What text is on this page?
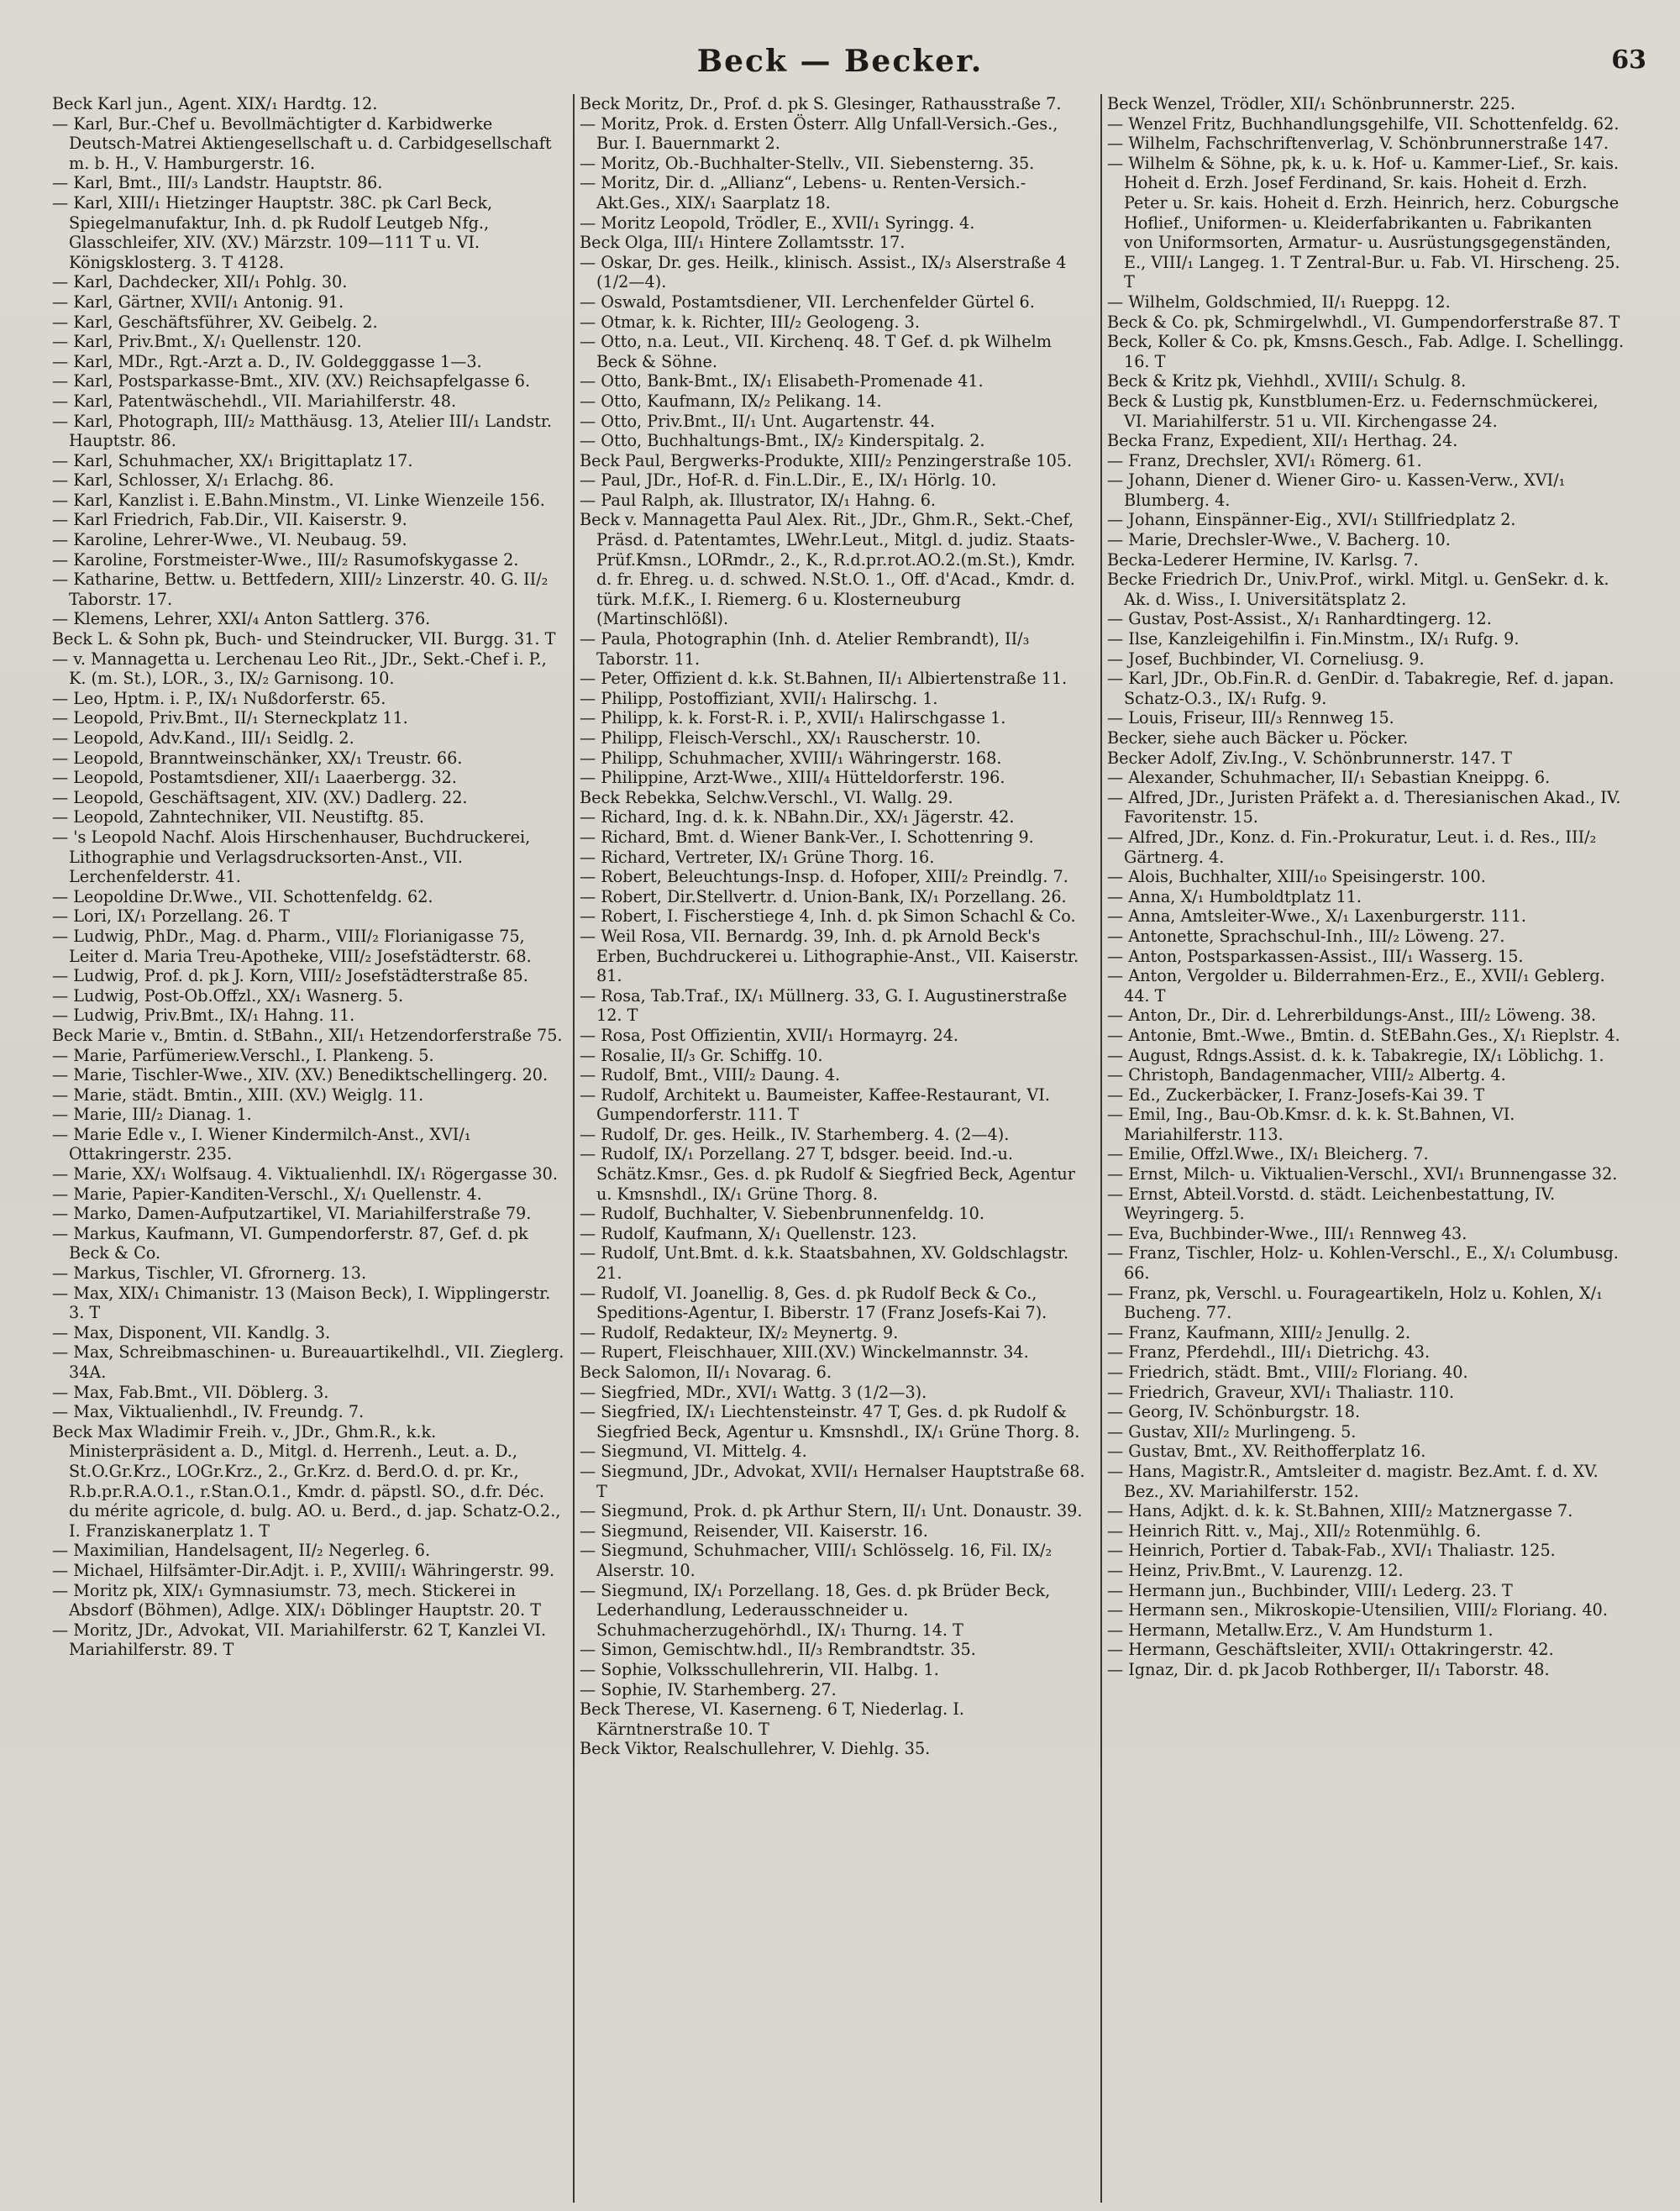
Beck — Becker.	63
Beck Karl jun., Agent. XIX/₁ Hardtg. 12.
— Karl, Bur.-Chef u. Bevollmächtigter d. Karbidwerke Deutsch-Matrei Aktiengesellschaft u. d. Carbidgesellschaft m. b. H., V. Hamburgerstr. 16.
— Karl, Bmt., III/₃ Landstr. Hauptstr. 86.
— Karl, XIII/₁ Hietzinger Hauptstr. 38C. pk Carl Beck, Spiegelmanufaktur, Inh. d. pk Rudolf Leutgeb Nfg., Glasschleifer, XIV. (XV.) Märzstr. 109—111 T u. VI. Königsklosterg. 3. T 4128.
— Karl, Dachdecker, XII/₁ Pohlg. 30.
— Karl, Gärtner, XVII/₁ Antonig. 91.
— Karl, Geschäftsführer, XV. Geibelg. 2.
— Karl, Priv.Bmt., X/₁ Quellenstr. 120.
— Karl, MDr., Rgt.-Arzt a. D., IV. Goldegggasse 1—3.
— Karl, Postsparkasse-Bmt., XIV. (XV.) Reichsapfelgasse 6.
— Karl, Patentwäschehdl., VII. Mariahilferstr. 48.
— Karl, Photograph, III/₂ Matthäusg. 13, Atelier III/₁ Landstr. Hauptstr. 86.
— Karl, Schuhmacher, XX/₁ Brigittaplatz 17.
— Karl, Schlosser, X/₁ Erlachg. 86.
— Karl, Kanzlist i. E.Bahn.Minstm., VI. Linke Wienzeile 156.
— Karl Friedrich, Fab.Dir., VII. Kaiserstr. 9.
— Karoline, Lehrer-Wwe., VI. Neubaug. 59.
— Karoline, Forstmeister-Wwe., III/₂ Rasumofskygasse 2.
— Katharine, Bettw. u. Bettfedern, XIII/₂ Linzerstr. 40. G. II/₂ Taborstr. 17.
— Klemens, Lehrer, XXI/₄ Anton Sattlerg. 376.
Beck L. & Sohn pk, Buch- und Steindrucker, VII. Burgg. 31. T
— v. Mannagetta u. Lerchenau Leo Rit., JDr., Sekt.-Chef i. P., K. (m. St.), LOR., 3., IX/₂ Garnisong. 10.
— Leo, Hptm. i. P., IX/₁ Nußdorferstr. 65.
— Leopold, Priv.Bmt., II/₁ Sterneckplatz 11.
— Leopold, Adv.Kand., III/₁ Seidlg. 2.
— Leopold, Branntweinschänker, XX/₁ Treustr. 66.
— Leopold, Postamtsdiener, XII/₁ Laaerbergg. 32.
— Leopold, Geschäftsagent, XIV. (XV.) Dadlerg. 22.
— Leopold, Zahntechniker, VII. Neustiftg. 85.
— 's Leopold Nachf. Alois Hirschenhauser, Buchdruckerei, Lithographie und Verlagsdrucksorten-Anst., VII. Lerchenfelderstr. 41.
— Leopoldine Dr.Wwe., VII. Schottenfeldg. 62.
— Lori, IX/₁ Porzellang. 26. T
— Ludwig, PhDr., Mag. d. Pharm., VIII/₂ Florianigasse 75, Leiter d. Maria Treu-Apotheke, VIII/₂ Josefstädterstr. 68.
— Ludwig, Prof. d. pk J. Korn, VIII/₂ Josefstädterstraße 85.
— Ludwig, Post-Ob.Offzl., XX/₁ Wasnerg. 5.
— Ludwig, Priv.Bmt., IX/₁ Hahng. 11.
Beck Marie v., Bmtin. d. StBahn., XII/₁ Hetzendorferstraße 75.
— Marie, Parfümeriew.Verschl., I. Plankeng. 5.
— Marie, Tischler-Wwe., XIV. (XV.) Benediktschellingerg. 20.
— Marie, städt. Bmtin., XIII. (XV.) Weiglg. 11.
— Marie, III/₂ Dianag. 1.
— Marie Edle v., I. Wiener Kindermilch-Anst., XVI/₁ Ottakringerstr. 235.
— Marie, XX/₁ Wolfsaug. 4. Viktualienhdl. IX/₁ Rögergasse 30.
— Marie, Papier-Kanditen-Verschl., X/₁ Quellenstr. 4.
— Marko, Damen-Aufputzartikel, VI. Mariahilferstraße 79.
— Markus, Kaufmann, VI. Gumpendorferstr. 87, Gef. d. pk Beck & Co.
— Markus, Tischler, VI. Gfrornerg. 13.
— Max, XIX/₁ Chimanistr. 13 (Maison Beck), I. Wipplingerstr. 3. T
— Max, Disponent, VII. Kandlg. 3.
— Max, Schreibmaschinen- u. Bureauartikelhdl., VII. Zieglerg. 34A.
— Max, Fab.Bmt., VII. Döblerg. 3.
— Max, Viktualienhdl., IV. Freundg. 7.
Beck Max Wladimir Freih. v., JDr., Ghm.R., k.k. Ministerpräsident a. D., Mitgl. d. Herrenh., Leut. a. D., St.O.Gr.Krz., LOGr.Krz., 2., Gr.Krz. d. Berd.O. d. pr. Kr., R.b.pr.R.A.O.1., r.Stan.O.1., Kmdr. d. päpstl. SO., d.fr. Déc. du mérite agricole, d. bulg. AO. u. Berd., d. jap. Schatz-O.2., I. Franziskanerplatz 1. T
— Maximilian, Handelsagent, II/₂ Negerleg. 6.
— Michael, Hilfsämter-Dir.Adjt. i. P., XVIII/₁ Währingerstr. 99.
— Moritz pk, XIX/₁ Gymnasiumstr. 73, mech. Stickerei in Absdorf (Böhmen), Adlge. XIX/₁ Döblinger Hauptstr. 20. T
— Moritz, JDr., Advokat, VII. Mariahilferstr. 62 T, Kanzlei VI. Mariahilferstr. 89. T
Beck Moritz, Dr., Prof. d. pk S. Glesinger, Rathausstraße 7.
— Moritz, Prok. d. Ersten Österr. Allg Unfall-Versich.-Ges., Bur. I. Bauernmarkt 2.
— Moritz, Ob.-Buchhalter-Stellv., VII. Siebensterng. 35.
— Moritz, Dir. d. „Allianz“, Lebens- u. Renten-Versich.-Akt.Ges., XIX/₁ Saarplatz 18.
— Moritz Leopold, Trödler, E., XVII/₁ Syringg. 4.
Beck Olga, III/₁ Hintere Zollamtsstr. 17.
— Oskar, Dr. ges. Heilk., klinisch. Assist., IX/₃ Alserstraße 4 (1/2—4).
— Oswald, Postamtsdiener, VII. Lerchenfelder Gürtel 6.
— Otmar, k. k. Richter, III/₂ Geologeng. 3.
— Otto, n.a. Leut., VII. Kirchenq. 48. T Gef. d. pk Wilhelm Beck & Söhne.
— Otto, Bank-Bmt., IX/₁ Elisabeth-Promenade 41.
— Otto, Kaufmann, IX/₂ Pelikang. 14.
— Otto, Priv.Bmt., II/₁ Unt. Augartenstr. 44.
— Otto, Buchhaltungs-Bmt., IX/₂ Kinderspitalg. 2.
Beck Paul, Bergwerks-Produkte, XIII/₂ Penzingerstraße 105.
— Paul, JDr., Hof-R. d. Fin.L.Dir., E., IX/₁ Hörlg. 10.
— Paul Ralph, ak. Illustrator, IX/₁ Hahng. 6.
Beck v. Mannagetta Paul Alex. Rit., JDr., Ghm.R., Sekt.-Chef, Präsd. d. Patentamtes, LWehr.Leut., Mitgl. d. judiz. Staats-Prüf.Kmsn., LORmdr., 2., K., R.d.pr.rot.AO.2.(m.St.), Kmdr. d. fr. Ehreg. u. d. schwed. N.St.O. 1., Off. d'Acad., Kmdr. d. türk. M.f.K., I. Riemerg. 6 u. Klosterneuburg (Martinschlößl).
— Paula, Photographin (Inh. d. Atelier Rembrandt), II/₃ Taborstr. 11.
— Peter, Offizient d. k.k. St.Bahnen, II/₁ Albiertenstraße 11.
— Philipp, Postoffiziant, XVII/₁ Halirschg. 1.
— Philipp, k. k. Forst-R. i. P., XVII/₁ Halirschgasse 1.
— Philipp, Fleisch-Verschl., XX/₁ Rauscherstr. 10.
— Philipp, Schuhmacher, XVIII/₁ Währingerstr. 168.
— Philippine, Arzt-Wwe., XIII/₄ Hütteldorferstr. 196.
Beck Rebekka, Selchw.Verschl., VI. Wallg. 29.
— Richard, Ing. d. k. k. NBahn.Dir., XX/₁ Jägerstr. 42.
— Richard, Bmt. d. Wiener Bank-Ver., I. Schottenring 9.
— Richard, Vertreter, IX/₁ Grüne Thorg. 16.
— Robert, Beleuchtungs-Insp. d. Hofoper, XIII/₂ Preindlg. 7.
— Robert, Dir.Stellvertr. d. Union-Bank, IX/₁ Porzellang. 26.
— Robert, I. Fischerstiege 4, Inh. d. pk Simon Schachl & Co.
— Weil Rosa, VII. Bernardg. 39, Inh. d. pk Arnold Beck's Erben, Buchdruckerei u. Lithographie-Anst., VII. Kaiserstr. 81.
— Rosa, Tab.Traf., IX/₁ Müllnerg. 33, G. I. Augustinerstraße 12. T
— Rosa, Post Offizientin, XVII/₁ Hormayrg. 24.
— Rosalie, II/₃ Gr. Schiffg. 10.
— Rudolf, Bmt., VIII/₂ Daung. 4.
— Rudolf, Architekt u. Baumeister, Kaffee-Restaurant, VI. Gumpendorferstr. 111. T
— Rudolf, Dr. ges. Heilk., IV. Starhemberg. 4. (2—4).
— Rudolf, IX/₁ Porzellang. 27 T, bdsger. beeid. Ind.-u. Schätz.Kmsr., Ges. d. pk Rudolf & Siegfried Beck, Agentur u. Kmsnshdl., IX/₁ Grüne Thorg. 8.
— Rudolf, Buchhalter, V. Siebenbrunnenfeldg. 10.
— Rudolf, Kaufmann, X/₁ Quellenstr. 123.
— Rudolf, Unt.Bmt. d. k.k. Staatsbahnen, XV. Goldschlagstr. 21.
— Rudolf, VI. Joanellig. 8, Ges. d. pk Rudolf Beck & Co., Speditions-Agentur, I. Biberstr. 17 (Franz Josefs-Kai 7).
— Rudolf, Redakteur, IX/₂ Meynertg. 9.
— Rupert, Fleischhauer, XIII.(XV.) Winckelmannstr. 34.
Beck Salomon, II/₁ Novarag. 6.
— Siegfried, MDr., XVI/₁ Wattg. 3 (1/2—3).
— Siegfried, IX/₁ Liechtensteinstr. 47 T, Ges. d. pk Rudolf & Siegfried Beck, Agentur u. Kmsnshdl., IX/₁ Grüne Thorg. 8.
— Siegmund, VI. Mittelg. 4.
— Siegmund, JDr., Advokat, XVII/₁ Hernalser Hauptstraße 68. T
— Siegmund, Prok. d. pk Arthur Stern, II/₁ Unt. Donaustr. 39.
— Siegmund, Reisender, VII. Kaiserstr. 16.
— Siegmund, Schuhmacher, VIII/₁ Schlösselg. 16, Fil. IX/₂ Alserstr. 10.
— Siegmund, IX/₁ Porzellang. 18, Ges. d. pk Brüder Beck, Lederhandlung, Lederausschneider u. Schuhmacherzugehörhdl., IX/₁ Thurng. 14. T
— Simon, Gemischtw.hdl., II/₃ Rembrandtstr. 35.
— Sophie, Volksschullehrerin, VII. Halbg. 1.
— Sophie, IV. Starhemberg. 27.
Beck Therese, VI. Kaserneng. 6 T, Niederlag. I. Kärntnerstraße 10. T
Beck Viktor, Realschullehrer, V. Diehlg. 35.
Beck Wenzel, Trödler, XII/₁ Schönbrunnerstr. 225.
— Wenzel Fritz, Buchhandlungsgehilfe, VII. Schottenfeldg. 62.
— Wilhelm, Fachschriftenverlag, V. Schönbrunnerstraße 147.
— Wilhelm & Söhne, pk, k. u. k. Hof- u. Kammer-Lief., Sr. kais. Hoheit d. Erzh. Josef Ferdinand, Sr. kais. Hoheit d. Erzh. Peter u. Sr. kais. Hoheit d. Erzh. Heinrich, herz. Coburgsche Hoflief., Uniformen- u. Kleiderfabrikanten u. Fabrikanten von Uniformsorten, Armatur- u. Ausrüstungsgegenständen, E., VIII/₁ Langeg. 1. T Zentral-Bur. u. Fab. VI. Hirscheng. 25. T
— Wilhelm, Goldschmied, II/₁ Rueppg. 12.
Beck & Co. pk, Schmirgelwhdl., VI. Gumpendorferstraße 87. T
Beck, Koller & Co. pk, Kmsns.Gesch., Fab. Adlge. I. Schellingg. 16. T
Beck & Kritz pk, Viehhdl., XVIII/₁ Schulg. 8.
Beck & Lustig pk, Kunstblumen-Erz. u. Federnschmückerei, VI. Mariahilferstr. 51 u. VII. Kirchengasse 24.
Becka Franz, Expedient, XII/₁ Herthag. 24.
— Franz, Drechsler, XVI/₁ Römerg. 61.
— Johann, Diener d. Wiener Giro- u. Kassen-Verw., XVI/₁ Blumberg. 4.
— Johann, Einspänner-Eig., XVI/₁ Stillfriedplatz 2.
— Marie, Drechsler-Wwe., V. Bacherg. 10.
Becka-Lederer Hermine, IV. Karlsg. 7.
Becke Friedrich Dr., Univ.Prof., wirkl. Mitgl. u. GenSekr. d. k. Ak. d. Wiss., I. Universitätsplatz 2.
— Gustav, Post-Assist., X/₁ Ranhardtingerg. 12.
— Ilse, Kanzleigehilfin i. Fin.Minstm., IX/₁ Rufg. 9.
— Josef, Buchbinder, VI. Corneliusg. 9.
— Karl, JDr., Ob.Fin.R. d. GenDir. d. Tabakregie, Ref. d. japan. Schatz-O.3., IX/₁ Rufg. 9.
— Louis, Friseur, III/₃ Rennweg 15.
Becker, siehe auch Bäcker u. Pöcker.
Becker Adolf, Ziv.Ing., V. Schönbrunnerstr. 147. T
— Alexander, Schuhmacher, II/₁ Sebastian Kneippg. 6.
— Alfred, JDr., Juristen Präfekt a. d. Theresianischen Akad., IV. Favoritenstr. 15.
— Alfred, JDr., Konz. d. Fin.-Prokuratur, Leut. i. d. Res., III/₂ Gärtnerg. 4.
— Alois, Buchhalter, XIII/₁₀ Speisingerstr. 100.
— Anna, X/₁ Humboldtplatz 11.
— Anna, Amtsleiter-Wwe., X/₁ Laxenburgerstr. 111.
— Antonette, Sprachschul-Inh., III/₂ Löweng. 27.
— Anton, Postsparkassen-Assist., III/₁ Wasserg. 15.
— Anton, Vergolder u. Bilderrahmen-Erz., E., XVII/₁ Geblerg. 44. T
— Anton, Dr., Dir. d. Lehrerbildungs-Anst., III/₂ Löweng. 38.
— Antonie, Bmt.-Wwe., Bmtin. d. StEBahn.Ges., X/₁ Rieplstr. 4.
— August, Rdngs.Assist. d. k. k. Tabakregie, IX/₁ Löblichg. 1.
— Christoph, Bandagenmacher, VIII/₂ Albertg. 4.
— Ed., Zuckerbäcker, I. Franz-Josefs-Kai 39. T
— Emil, Ing., Bau-Ob.Kmsr. d. k. k. St.Bahnen, VI. Mariahilferstr. 113.
— Emilie, Offzl.Wwe., IX/₁ Bleicherg. 7.
— Ernst, Milch- u. Viktualien-Verschl., XVI/₁ Brunnengasse 32.
— Ernst, Abteil.Vorstd. d. städt. Leichenbestattung, IV. Weyringerg. 5.
— Eva, Buchbinder-Wwe., III/₁ Rennweg 43.
— Franz, Tischler, Holz- u. Kohlen-Verschl., E., X/₁ Columbusg. 66.
— Franz, pk, Verschl. u. Fourageartikeln, Holz u. Kohlen, X/₁ Bucheng. 77.
— Franz, Kaufmann, XIII/₂ Jenullg. 2.
— Franz, Pferdehdl., III/₁ Dietrichg. 43.
— Friedrich, städt. Bmt., VIII/₂ Floriang. 40.
— Friedrich, Graveur, XVI/₁ Thaliastr. 110.
— Georg, IV. Schönburgstr. 18.
— Gustav, XII/₂ Murlingeng. 5.
— Gustav, Bmt., XV. Reithofferplatz 16.
— Hans, Magistr.R., Amtsleiter d. magistr. Bez.Amt. f. d. XV. Bez., XV. Mariahilferstr. 152.
— Hans, Adjkt. d. k. k. St.Bahnen, XIII/₂ Matznergasse 7.
— Heinrich Ritt. v., Maj., XII/₂ Rotenmühlg. 6.
— Heinrich, Portier d. Tabak-Fab., XVI/₁ Thaliastr. 125.
— Heinz, Priv.Bmt., V. Laurenzg. 12.
— Hermann jun., Buchbinder, VIII/₁ Lederg. 23. T
— Hermann sen., Mikroskopie-Utensilien, VIII/₂ Floriang. 40.
— Hermann, Metallw.Erz., V. Am Hundsturm 1.
— Hermann, Geschäftsleiter, XVII/₁ Ottakringerstr. 42.
— Ignaz, Dir. d. pk Jacob Rothberger, II/₁ Taborstr. 48.
